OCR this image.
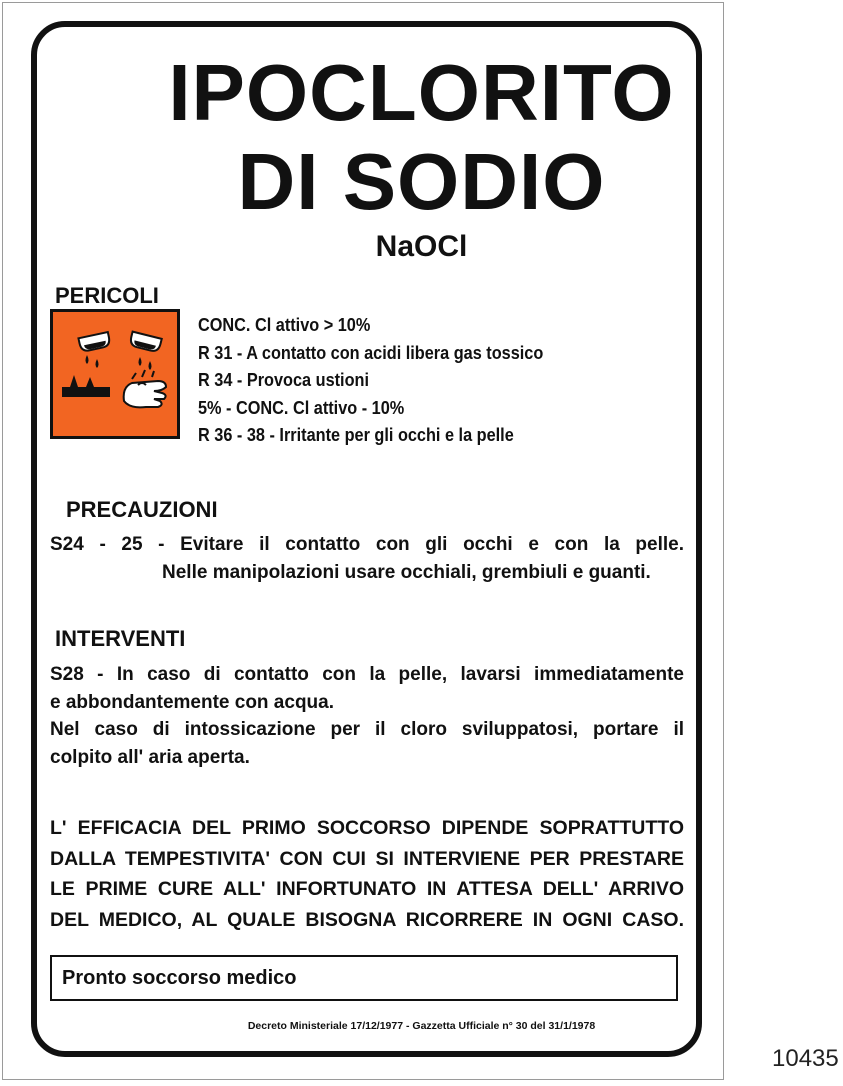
IPOCLORITO
DI SODIO
NaOCl
PERICOLI
CONC. Cl attivo > 10%
R 31 - A contatto con acidi libera gas tossico
R 34 - Provoca ustioni
5% - CONC. Cl attivo - 10%
R 36 - 38 - Irritante per gli occhi e la pelle
PRECAUZIONI
S24 - 25 - Evitare il contatto con gli occhi e con la pelle.
Nelle manipolazioni usare occhiali, grembiuli e guanti.
INTERVENTI
S28 - In caso di contatto con la pelle, lavarsi immediatamente
e abbondantemente con acqua.
Nel caso di intossicazione per il cloro sviluppatosi, portare il
colpito all' aria aperta.
L' EFFICACIA DEL PRIMO SOCCORSO DIPENDE SOPRATTUTTO
DALLA TEMPESTIVITA' CON CUI SI INTERVIENE PER PRESTARE
LE PRIME CURE ALL' INFORTUNATO IN ATTESA DELL' ARRIVO
DEL MEDICO, AL QUALE BISOGNA RICORRERE IN OGNI CASO.
Pronto soccorso medico
Decreto Ministeriale 17/12/1977 - Gazzetta Ufficiale n° 30 del 31/1/1978
10435
